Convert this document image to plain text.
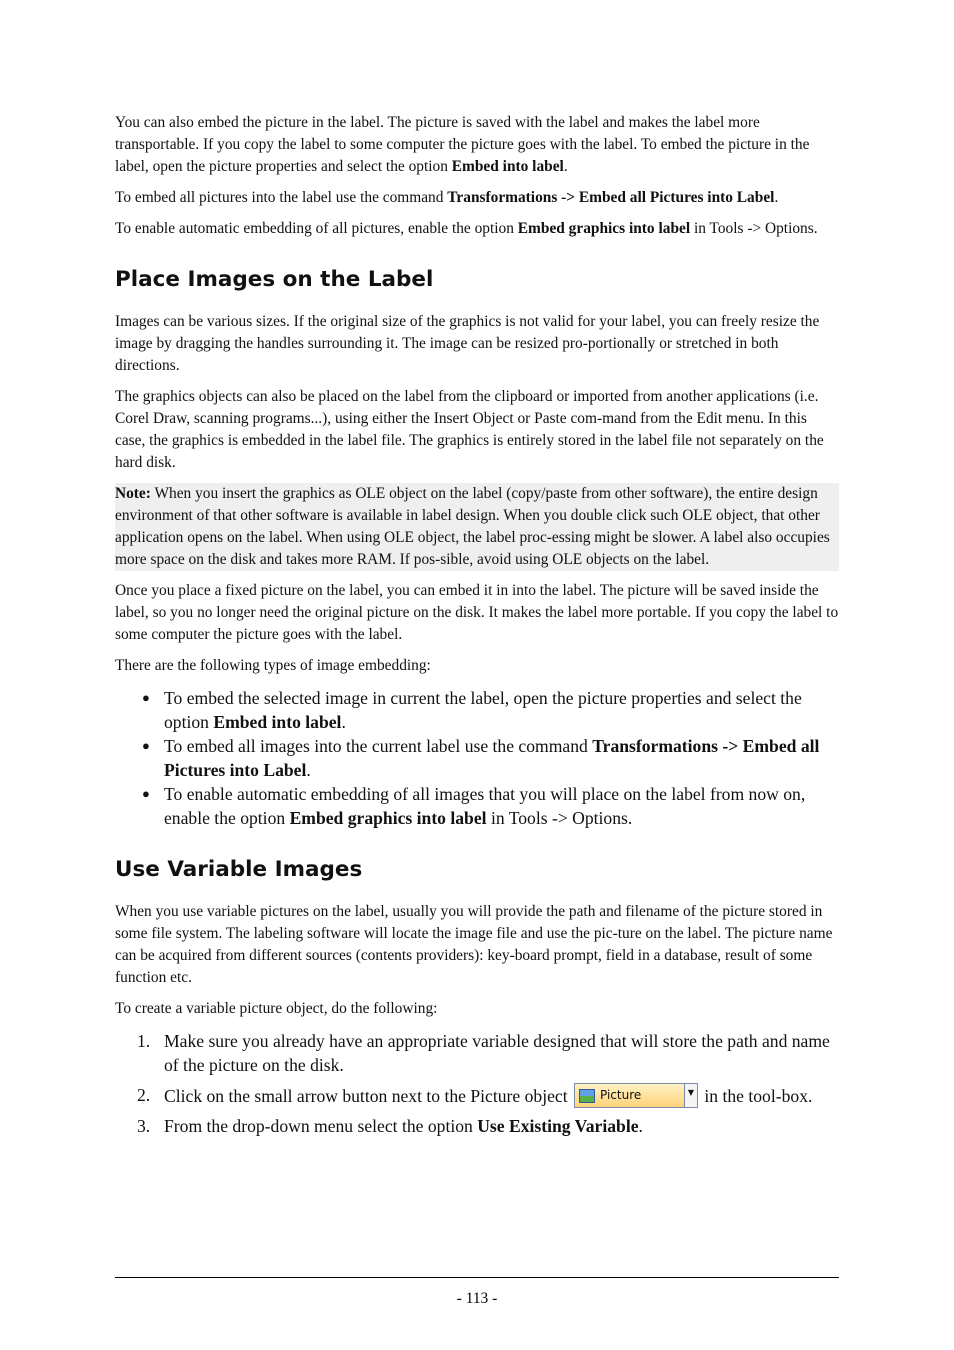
You can also embed the picture in the label. The picture is saved with the label and makes the label more transportable. If you copy the label to some computer the picture goes with the label. To embed the picture in the label, open the picture properties and select the option Embed into label.

To embed all pictures into the label use the command Transformations -> Embed all Pictures into Label.

To enable automatic embedding of all pictures, enable the option Embed graphics into label in Tools -> Options.

Place Images on the Label

Images can be various sizes. If the original size of the graphics is not valid for your label, you can freely resize the image by dragging the handles surrounding it. The image can be resized pro-portionally or stretched in both directions.

The graphics objects can also be placed on the label from the clipboard or imported from another applications (i.e. Corel Draw, scanning programs...), using either the Insert Object or Paste com-mand from the Edit menu. In this case, the graphics is embedded in the label file. The graphics is entirely stored in the label file not separately on the hard disk.

Note: When you insert the graphics as OLE object on the label (copy/paste from other software), the entire design environment of that other software is available in label design. When you double click such OLE object, that other application opens on the label. When using OLE object, the label proc-essing might be slower. A label also occupies more space on the disk and takes more RAM. If pos-sible, avoid using OLE objects on the label.

Once you place a fixed picture on the label, you can embed it in into the label. The picture will be saved inside the label, so you no longer need the original picture on the disk. It makes the label more portable. If you copy the label to some computer the picture goes with the label.

There are the following types of image embedding:

● To embed the selected image in current the label, open the picture properties and select the option Embed into label.
● To embed all images into the current label use the command Transformations -> Embed all Pictures into Label.
● To enable automatic embedding of all images that you will place on the label from now on, enable the option Embed graphics into label in Tools -> Options.
Use Variable Images

When you use variable pictures on the label, usually you will provide the path and filename of the picture stored in some file system. The labeling software will locate the image file and use the pic-ture on the label. The picture name can be acquired from different sources (contents providers): key-board prompt, field in a database, result of some function etc.

To create a variable picture object, do the following:

1. Make sure you already have an appropriate variable designed that will store the path and name of the picture on the disk.
2. Click on the small arrow button next to the Picture object Picture	▼ in the tool-box.
3. From the drop-down menu select the option Use Existing Variable.
- 113 -
